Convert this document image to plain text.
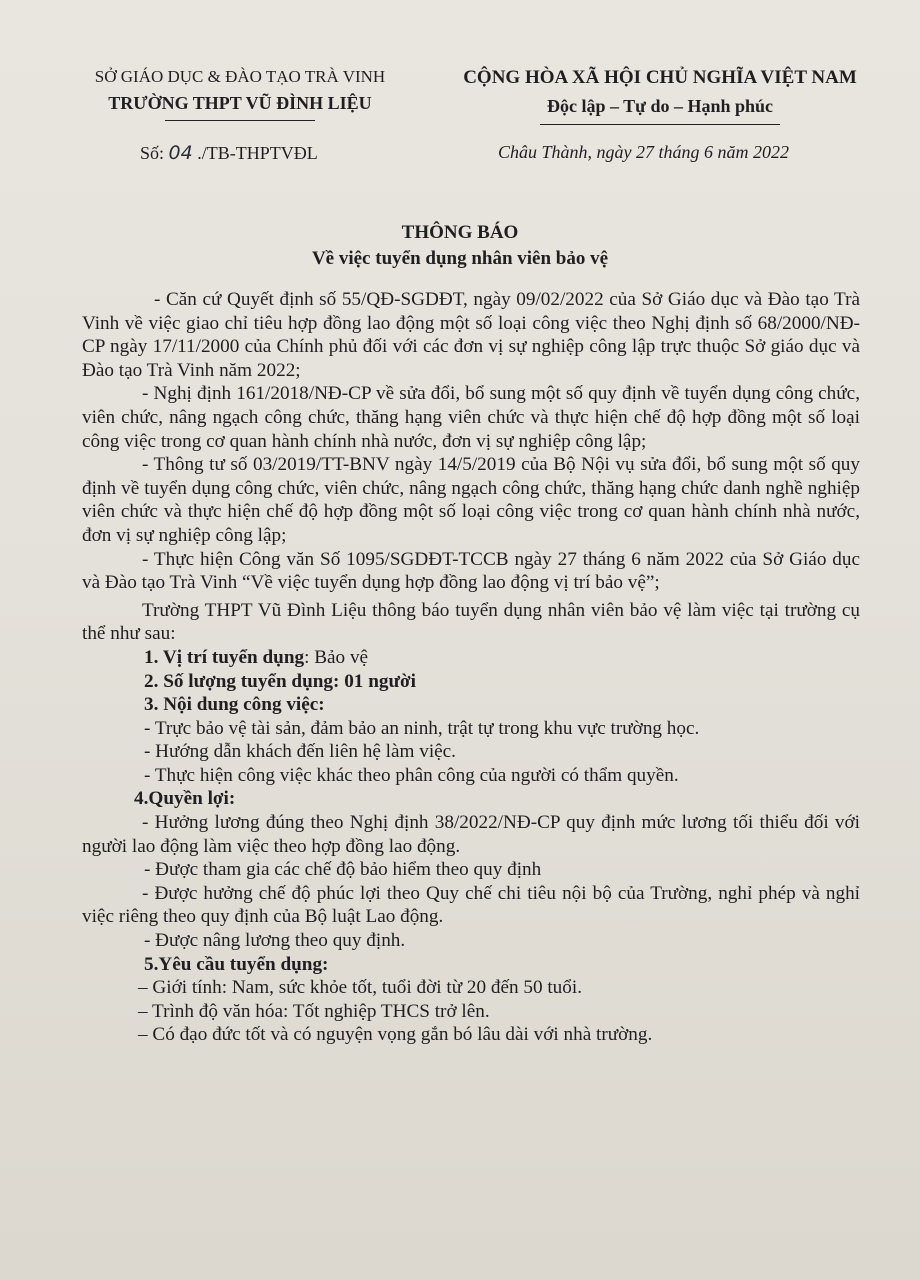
SỞ GIÁO DỤC & ĐÀO TẠO TRÀ VINH
TRƯỜNG THPT VŨ ĐÌNH LIỆU
CỘNG HÒA XÃ HỘI CHỦ NGHĨA VIỆT NAM
Độc lập – Tự do – Hạnh phúc
Số: 04 ./TB-THPTVĐL	Châu Thành, ngày 27 tháng 6 năm 2022
THÔNG BÁO
Về việc tuyển dụng nhân viên bảo vệ

- Căn cứ Quyết định số 55/QĐ-SGDĐT, ngày 09/02/2022 của Sở Giáo dục và Đào tạo Trà Vinh về việc giao chỉ tiêu hợp đồng lao động một số loại công việc theo Nghị định số 68/2000/NĐ-CP ngày 17/11/2000 của Chính phủ đối với các đơn vị sự nghiệp công lập trực thuộc Sở giáo dục và Đào tạo Trà Vinh năm 2022;

- Nghị định 161/2018/NĐ-CP về sửa đổi, bổ sung một số quy định về tuyển dụng công chức, viên chức, nâng ngạch công chức, thăng hạng viên chức và thực hiện chế độ hợp đồng một số loại công việc trong cơ quan hành chính nhà nước, đơn vị sự nghiệp công lập;

- Thông tư số 03/2019/TT-BNV ngày 14/5/2019 của Bộ Nội vụ sửa đổi, bổ sung một số quy định về tuyển dụng công chức, viên chức, nâng ngạch công chức, thăng hạng chức danh nghề nghiệp viên chức và thực hiện chế độ hợp đồng một số loại công việc trong cơ quan hành chính nhà nước, đơn vị sự nghiệp công lập;

- Thực hiện Công văn Số 1095/SGDĐT-TCCB ngày 27 tháng 6 năm 2022 của Sở Giáo dục và Đào tạo Trà Vinh “Về việc tuyển dụng hợp đồng lao động vị trí bảo vệ”;

Trường THPT Vũ Đình Liệu thông báo tuyển dụng nhân viên bảo vệ làm việc tại trường cụ thể như sau:

1. Vị trí tuyển dụng: Bảo vệ

2. Số lượng tuyển dụng: 01 người

3. Nội dung công việc:

- Trực bảo vệ tài sản, đảm bảo an ninh, trật tự trong khu vực trường học.

- Hướng dẫn khách đến liên hệ làm việc.

- Thực hiện công việc khác theo phân công của người có thẩm quyền.

4.Quyền lợi:

- Hưởng lương đúng theo Nghị định 38/2022/NĐ-CP quy định mức lương tối thiểu đối với người lao động làm việc theo hợp đồng lao động.

- Được tham gia các chế độ bảo hiểm theo quy định

- Được hưởng chế độ phúc lợi theo Quy chế chi tiêu nội bộ của Trường, nghỉ phép và nghỉ việc riêng theo quy định của Bộ luật Lao động.

- Được nâng lương theo quy định.

5.Yêu cầu tuyển dụng:

– Giới tính: Nam, sức khỏe tốt, tuổi đời từ 20 đến 50 tuổi.

– Trình độ văn hóa: Tốt nghiệp THCS trở lên.

– Có đạo đức tốt và có nguyện vọng gắn bó lâu dài với nhà trường.
